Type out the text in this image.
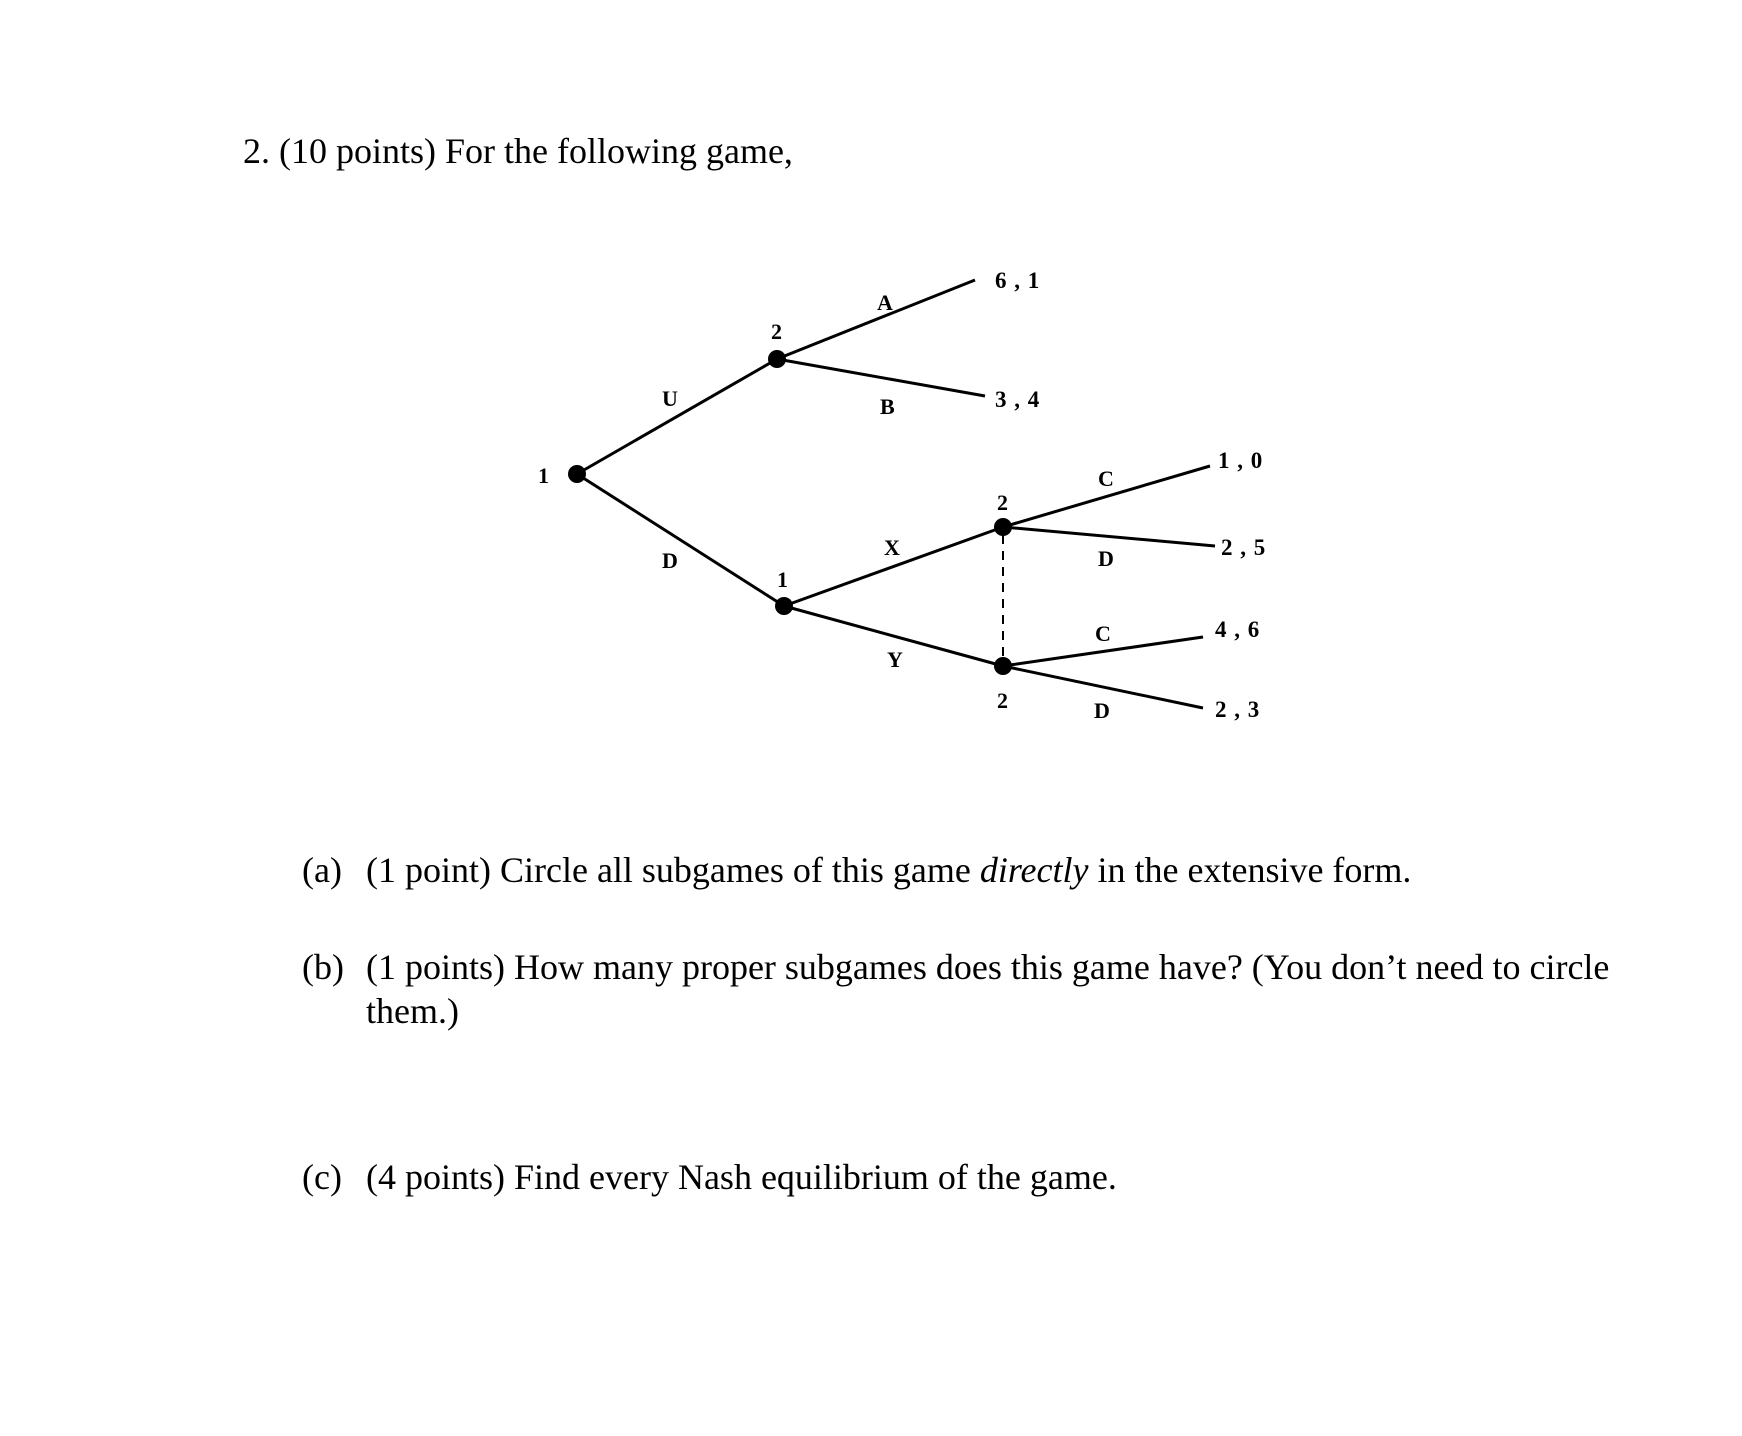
2. (10 points) For the following game,
1
2
1
2
2
U
D
A
B
X
Y
C
D
C
D
6 , 1
3 , 4
1 , 0
2 , 5
4 , 6
2 , 3
(a) (1 point) Circle all subgames of this game directly in the extensive form.
(b) (1 points) How many proper subgames does this game have? (You don’t need to circle them.)
(c) (4 points) Find every Nash equilibrium of the game.
